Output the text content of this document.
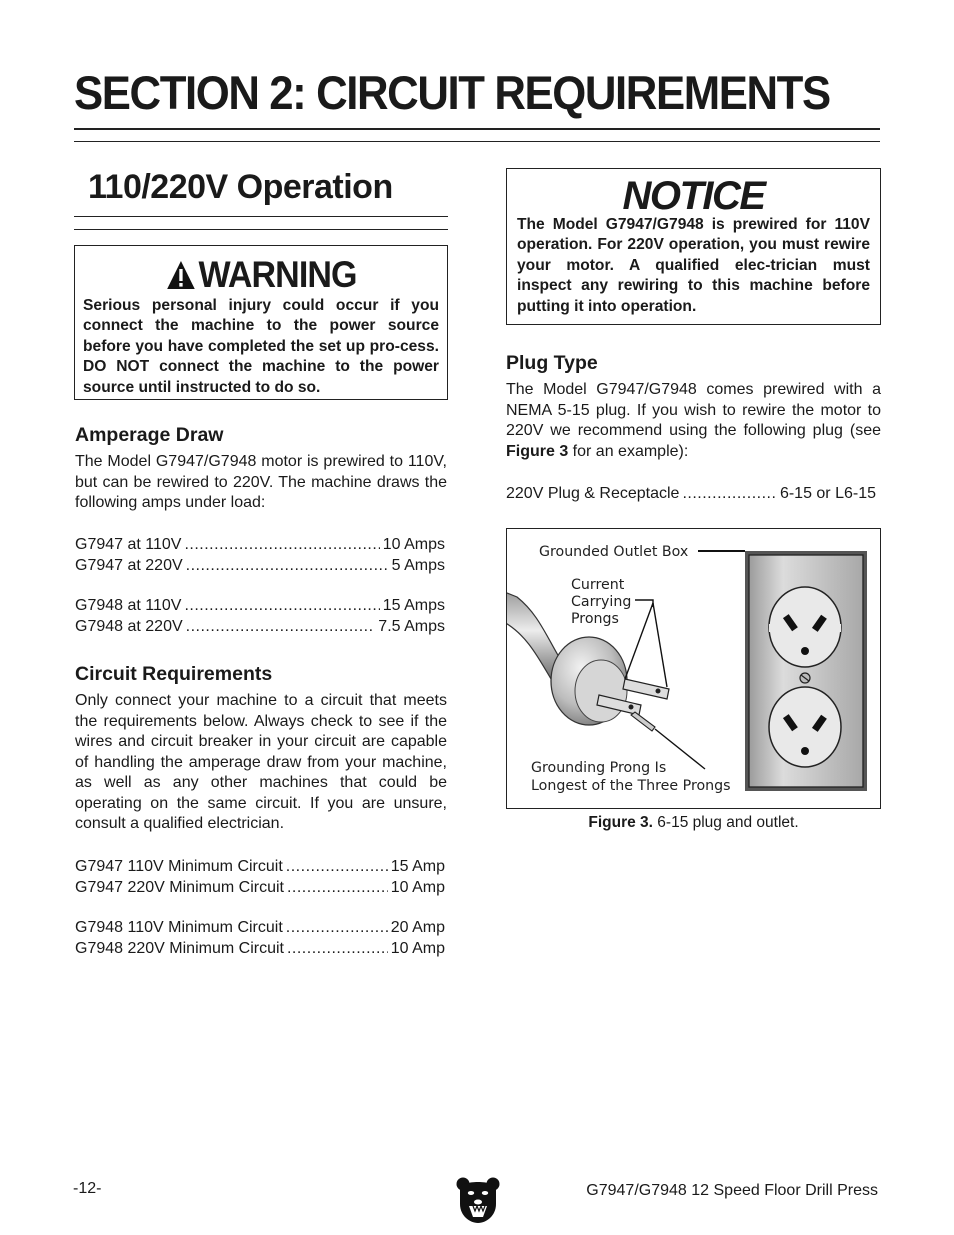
SECTION 2: CIRCUIT REQUIREMENTS
110/220V Operation
WARNING
Serious personal injury could occur if you connect the machine to the power source before you have completed the set up pro-cess. DO NOT connect the machine to the power source until instructed to do so.
Amperage Draw
The Model G7947/G7948 motor is prewired to 110V, but can be rewired to 220V. The machine draws the following amps under load:
G7947 at 110V .....	10 Amps
G7947 at 220V .....	5 Amps
G7948 at 110V .....	15 Amps
G7948 at 220V .....	7.5 Amps
Circuit Requirements
Only connect your machine to a circuit that meets the requirements below. Always check to see if the wires and circuit breaker in your circuit are capable of handling the amperage draw from your machine, as well as any other machines that could be operating on the same circuit. If you are unsure, consult a qualified electrician.
G7947 110V Minimum Circuit .....	15 Amp
G7947 220V Minimum Circuit .....	10 Amp
G7948 110V Minimum Circuit .....	20 Amp
G7948 220V Minimum Circuit .....	10 Amp
NOTICE
The Model G7947/G7948 is prewired for 110V operation. For 220V operation, you must rewire your motor. A qualified elec-trician must inspect any rewiring to this machine before putting it into operation.
Plug Type
The Model G7947/G7948 comes prewired with a NEMA 5-15 plug. If you wish to rewire the motor to 220V we recommend using the following plug (see Figure 3 for an example):
220V Plug & Receptacle .....	6-15 or L6-15
Grounded Outlet Box
Current
Carrying
Prongs
Grounding Prong Is
Longest of the Three Prongs
Figure 3. 6-15 plug and outlet.
-12-	G7947/G7948 12 Speed Floor Drill Press
